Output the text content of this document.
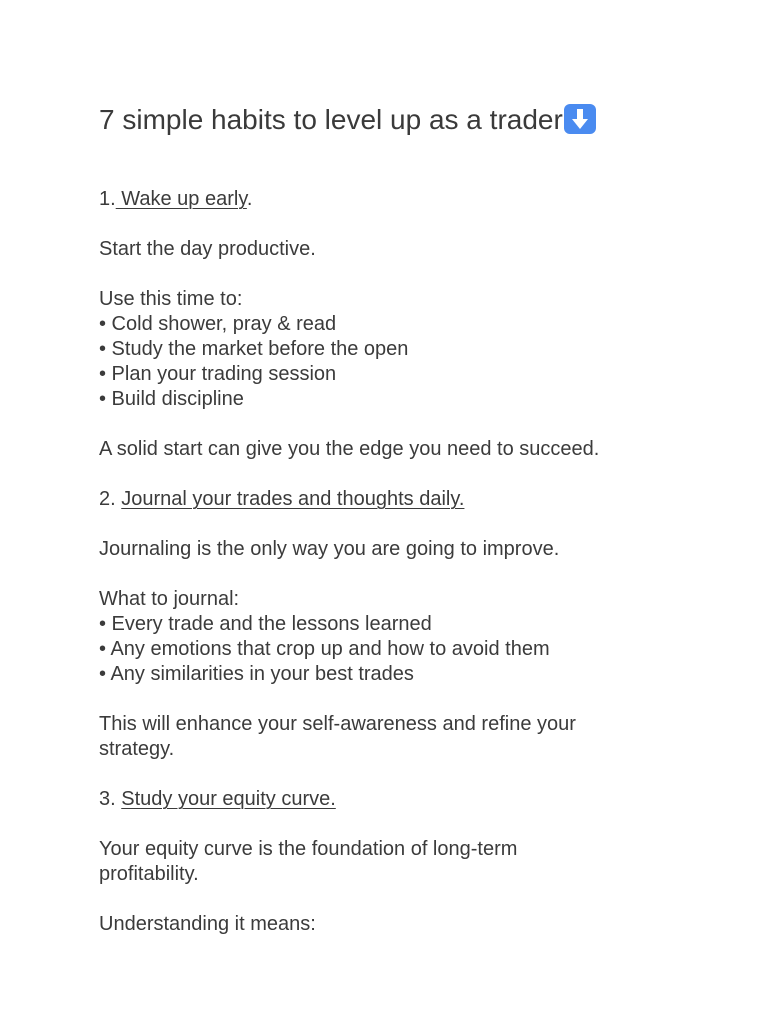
7 simple habits to level up as a trader
1. Wake up early.
Start the day productive.
Use this time to:
• Cold shower, pray & read
• Study the market before the open
• Plan your trading session
• Build discipline
A solid start can give you the edge you need to succeed.
2. Journal your trades and thoughts daily.
Journaling is the only way you are going to improve.
What to journal:
• Every trade and the lessons learned
• Any emotions that crop up and how to avoid them
• Any similarities in your best trades
This will enhance your self-awareness and refine your
strategy.
3. Study your equity curve.
Your equity curve is the foundation of long-term
profitability.
Understanding it means:
